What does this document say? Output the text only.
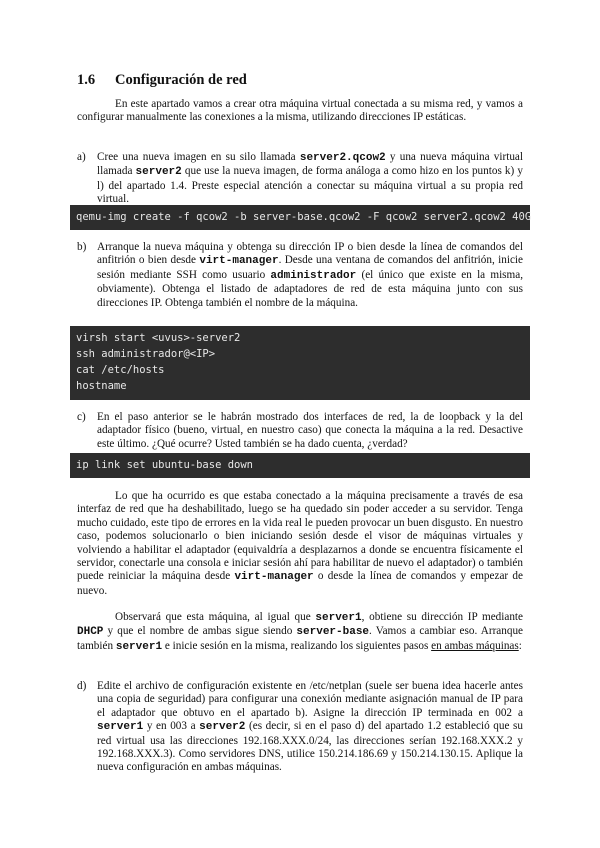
1.6 Configuración de red

En este apartado vamos a crear otra máquina virtual conectada a su misma red, y vamos a configurar manualmente las conexiones a la misma, utilizando direcciones IP estáticas.

a) Cree una nueva imagen en su silo llamada server2.qcow2 y una nueva máquina virtual llamada server2 que use la nueva imagen, de forma análoga a como hizo en los puntos k) y l) del apartado 1.4. Preste especial atención a conectar su máquina virtual a su propia red virtual.

qemu-img create -f qcow2 -b server-base.qcow2 -F qcow2 server2.qcow2 40G
b) Arranque la nueva máquina y obtenga su dirección IP o bien desde la línea de comandos del anfitrión o bien desde virt-manager. Desde una ventana de comandos del anfitrión, inicie sesión mediante SSH como usuario administrador (el único que existe en la misma, obviamente). Obtenga el listado de adaptadores de red de esta máquina junto con sus direcciones IP. Obtenga también el nombre de la máquina.

virsh start <uvus>-server2
ssh administrador@<IP>
cat /etc/hosts
hostname
c) En el paso anterior se le habrán mostrado dos interfaces de red, la de loopback y la del adaptador físico (bueno, virtual, en nuestro caso) que conecta la máquina a la red. Desactive este último. ¿Qué ocurre? Usted también se ha dado cuenta, ¿verdad?

ip link set ubuntu-base down

Lo que ha ocurrido es que estaba conectado a la máquina precisamente a través de esa interfaz de red que ha deshabilitado, luego se ha quedado sin poder acceder a su servidor. Tenga mucho cuidado, este tipo de errores en la vida real le pueden provocar un buen disgusto. En nuestro caso, podemos solucionarlo o bien iniciando sesión desde el visor de máquinas virtuales y volviendo a habilitar el adaptador (equivaldría a desplazarnos a donde se encuentra físicamente el servidor, conectarle una consola e iniciar sesión ahí para habilitar de nuevo el adaptador) o también puede reiniciar la máquina desde virt-manager o desde la línea de comandos y empezar de nuevo.

Observará que esta máquina, al igual que server1, obtiene su dirección IP mediante DHCP y que el nombre de ambas sigue siendo server-base. Vamos a cambiar eso. Arranque también server1 e inicie sesión en la misma, realizando los siguientes pasos en ambas máquinas:

d) Edite el archivo de configuración existente en /etc/netplan (suele ser buena idea hacerle antes una copia de seguridad) para configurar una conexión mediante asignación manual de IP para el adaptador que obtuvo en el apartado b). Asigne la dirección IP terminada en 002 a server1 y en 003 a server2 (es decir, si en el paso d) del apartado 1.2 estableció que su red virtual usa las direcciones 192.168.XXX.0/24, las direcciones serían 192.168.XXX.2 y 192.168.XXX.3). Como servidores DNS, utilice 150.214.186.69 y 150.214.130.15. Aplique la nueva configuración en ambas máquinas.
